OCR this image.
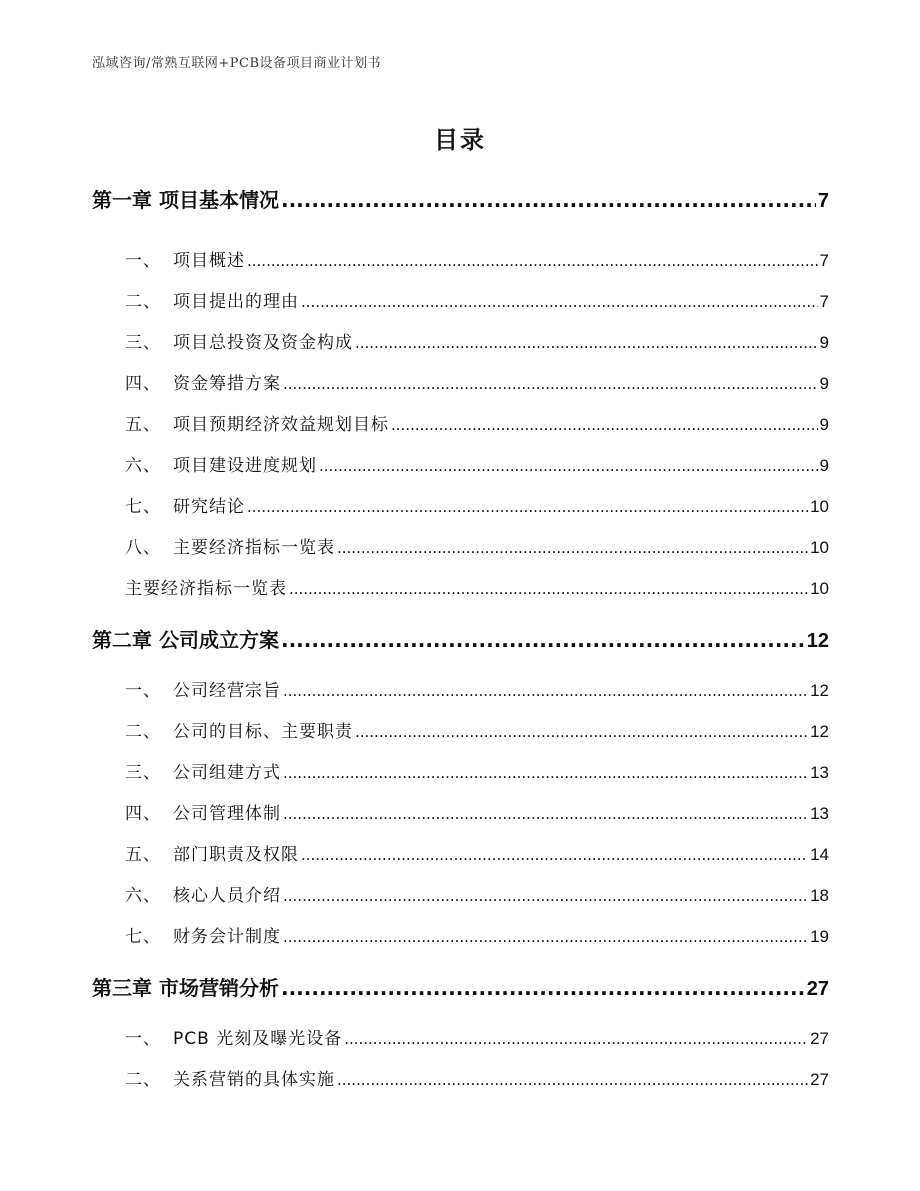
泓域咨询/常熟互联网+PCB设备项目商业计划书
目录
第一章 项目基本情况 .....	7
一、 项目概述 .....	7
二、 项目提出的理由 .....	7
三、 项目总投资及资金构成 .....	9
四、 资金筹措方案 .....	9
五、 项目预期经济效益规划目标 .....	9
六、 项目建设进度规划 .....	9
七、 研究结论 .....	10
八、 主要经济指标一览表 .....	10
主要经济指标一览表 .....	10
第二章 公司成立方案 .....	12
一、 公司经营宗旨 .....	12
二、 公司的目标、主要职责 .....	12
三、 公司组建方式 .....	13
四、 公司管理体制 .....	13
五、 部门职责及权限 .....	14
六、 核心人员介绍 .....	18
七、 财务会计制度 .....	19
第三章 市场营销分析 .....	27
一、 PCB 光刻及曝光设备 .....	27
二、 关系营销的具体实施 .....	27
